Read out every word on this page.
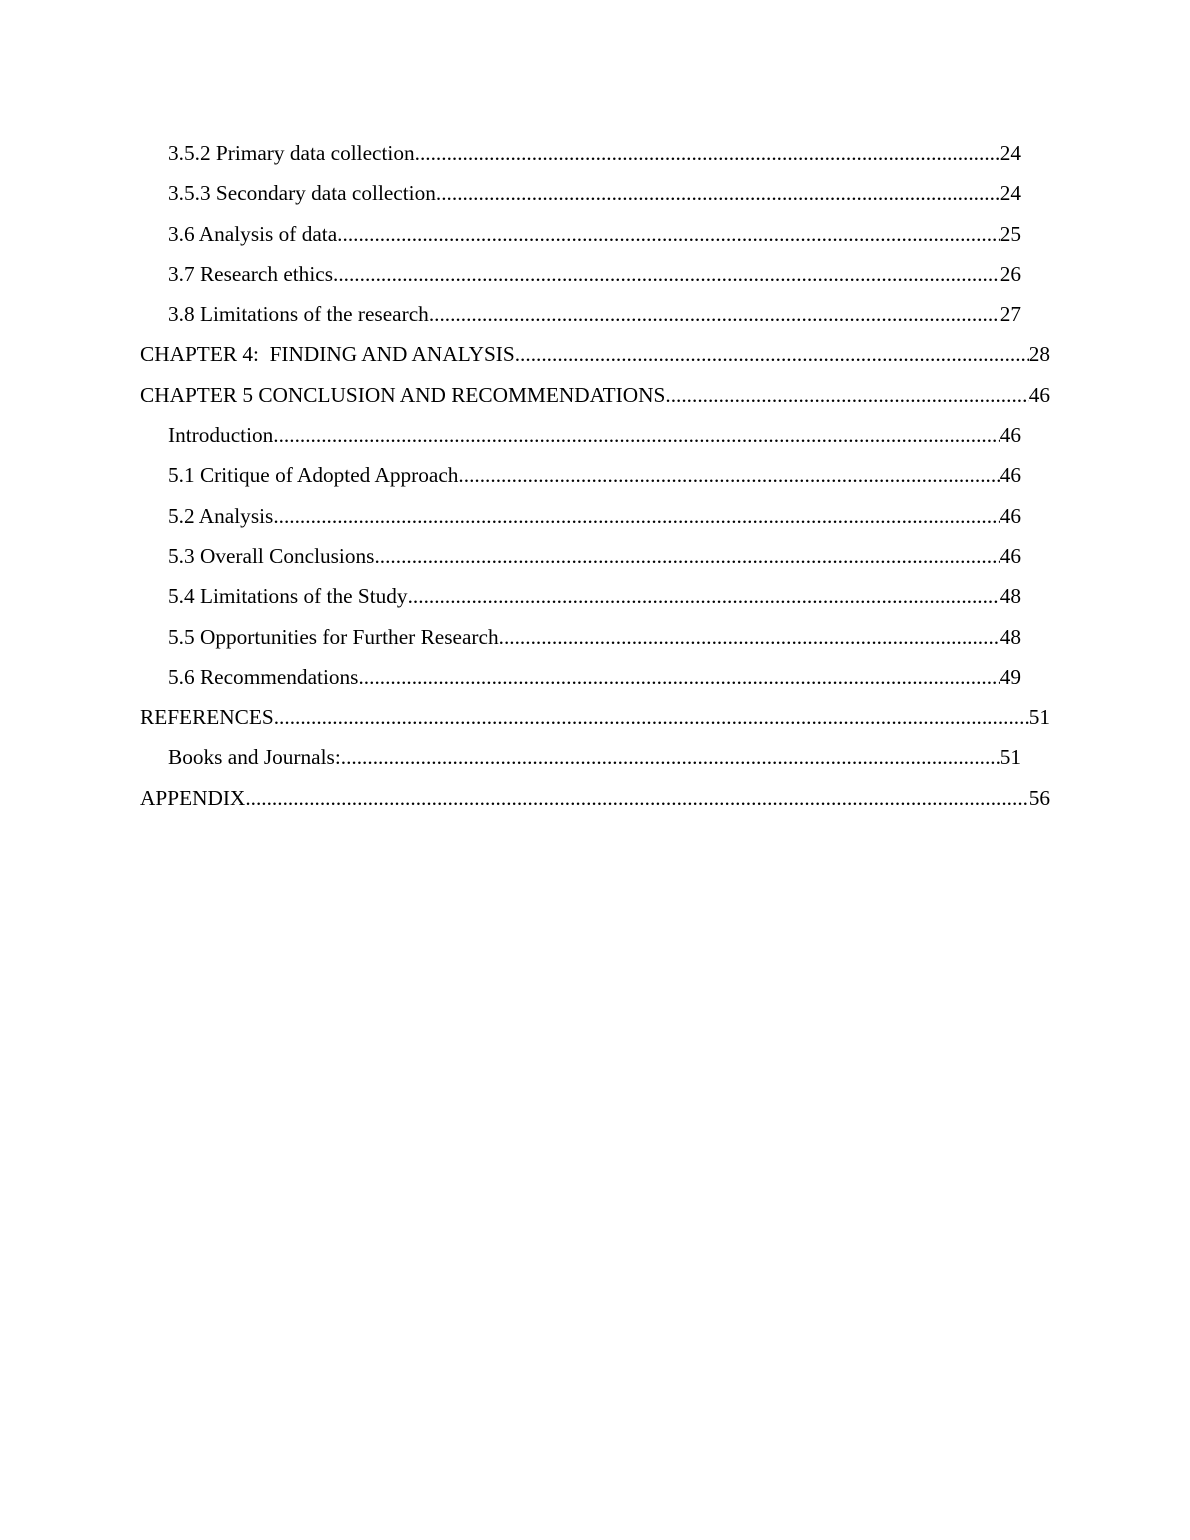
3.5.2 Primary data collection .....	24
3.5.3 Secondary data collection .....	24
3.6 Analysis of data .....	25
3.7 Research ethics .....	26
3.8 Limitations of the research .....	27
CHAPTER 4:  FINDING AND ANALYSIS .....	28
CHAPTER 5 CONCLUSION AND RECOMMENDATIONS .....	46
Introduction .....	46
5.1 Critique of Adopted Approach .....	46
5.2 Analysis .....	46
5.3 Overall Conclusions .....	46
5.4 Limitations of the Study .....	48
5.5 Opportunities for Further Research .....	48
5.6 Recommendations .....	49
REFERENCES .....	51
Books and Journals: .....	51
APPENDIX .....	56
